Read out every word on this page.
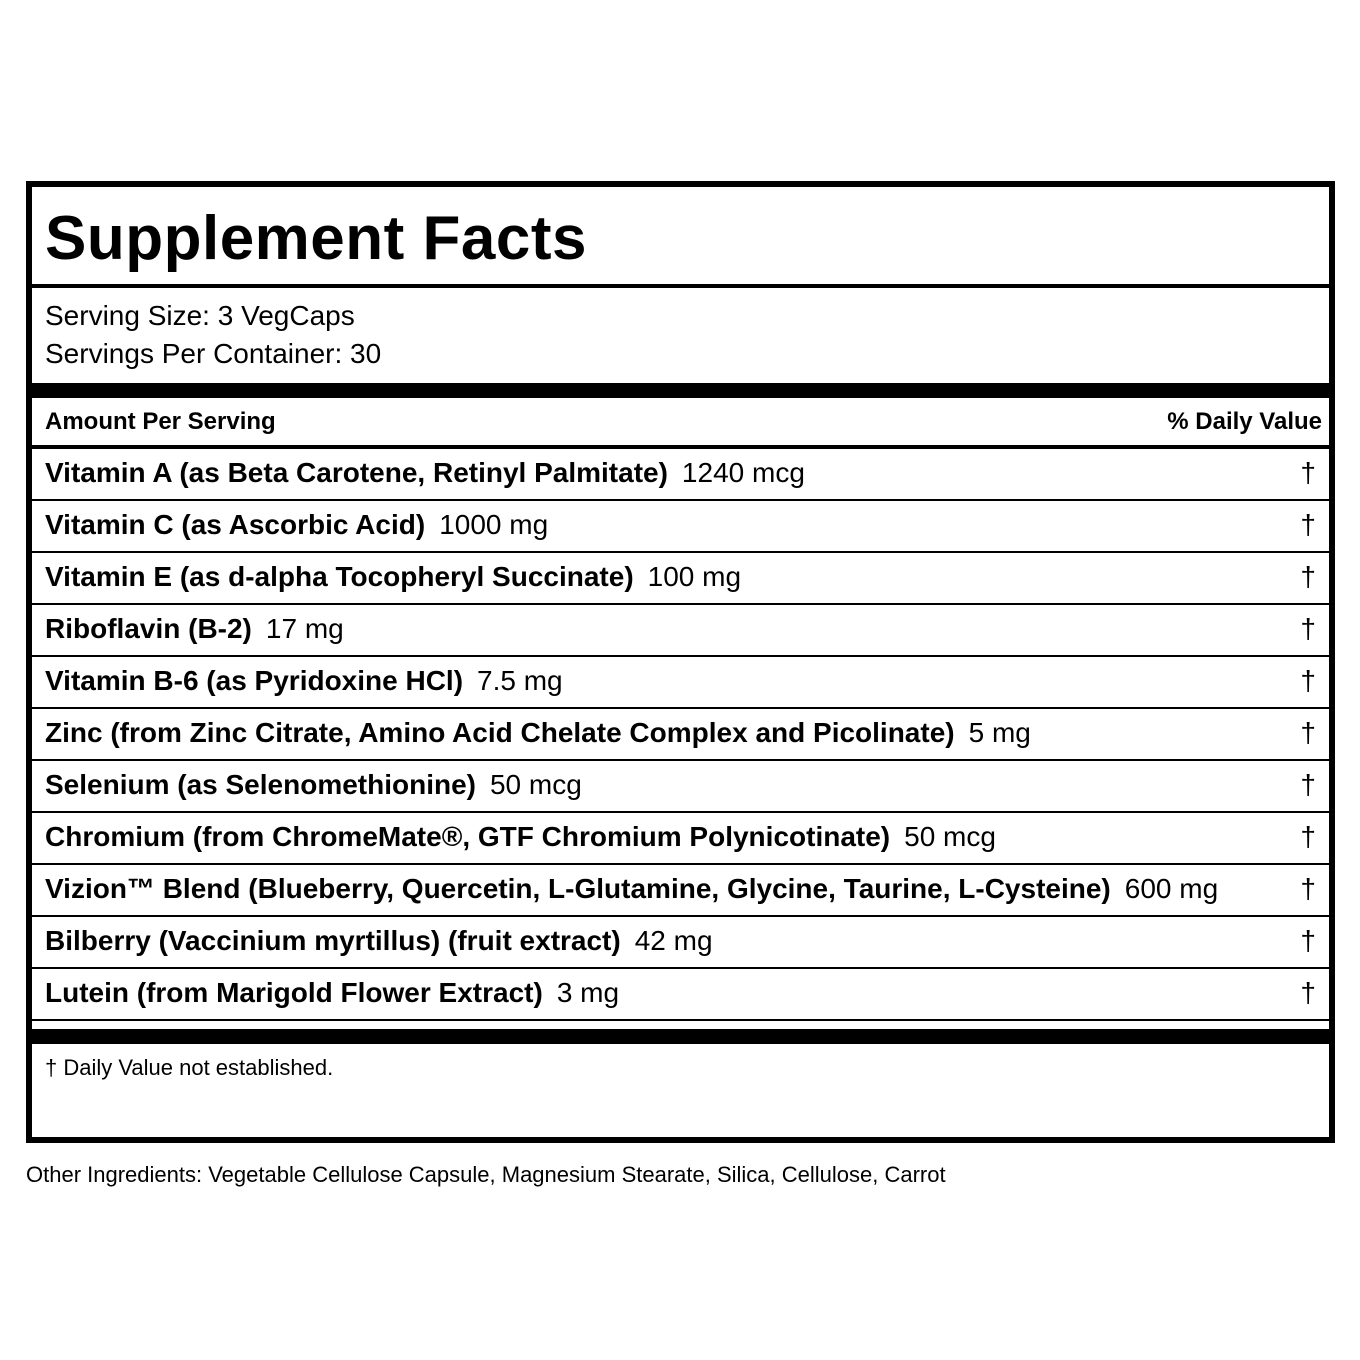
Supplement Facts
Serving Size: 3 VegCaps
Servings Per Container: 30
Amount Per Serving	% Daily Value
Vitamin A (as Beta Carotene, Retinyl Palmitate) 1240 mcg	†
Vitamin C (as Ascorbic Acid) 1000 mg	†
Vitamin E (as d-alpha Tocopheryl Succinate) 100 mg	†
Riboflavin (B-2) 17 mg	†
Vitamin B-6 (as Pyridoxine HCl) 7.5 mg	†
Zinc (from Zinc Citrate, Amino Acid Chelate Complex and Picolinate) 5 mg	†
Selenium (as Selenomethionine) 50 mcg	†
Chromium (from ChromeMate®, GTF Chromium Polynicotinate) 50 mcg	†
Vizion™ Blend (Blueberry, Quercetin, L-Glutamine, Glycine, Taurine, L-Cysteine) 600 mg	†
Bilberry (Vaccinium myrtillus) (fruit extract) 42 mg	†
Lutein (from Marigold Flower Extract) 3 mg	†
† Daily Value not established.
Other Ingredients: Vegetable Cellulose Capsule, Magnesium Stearate, Silica, Cellulose, Carrot
